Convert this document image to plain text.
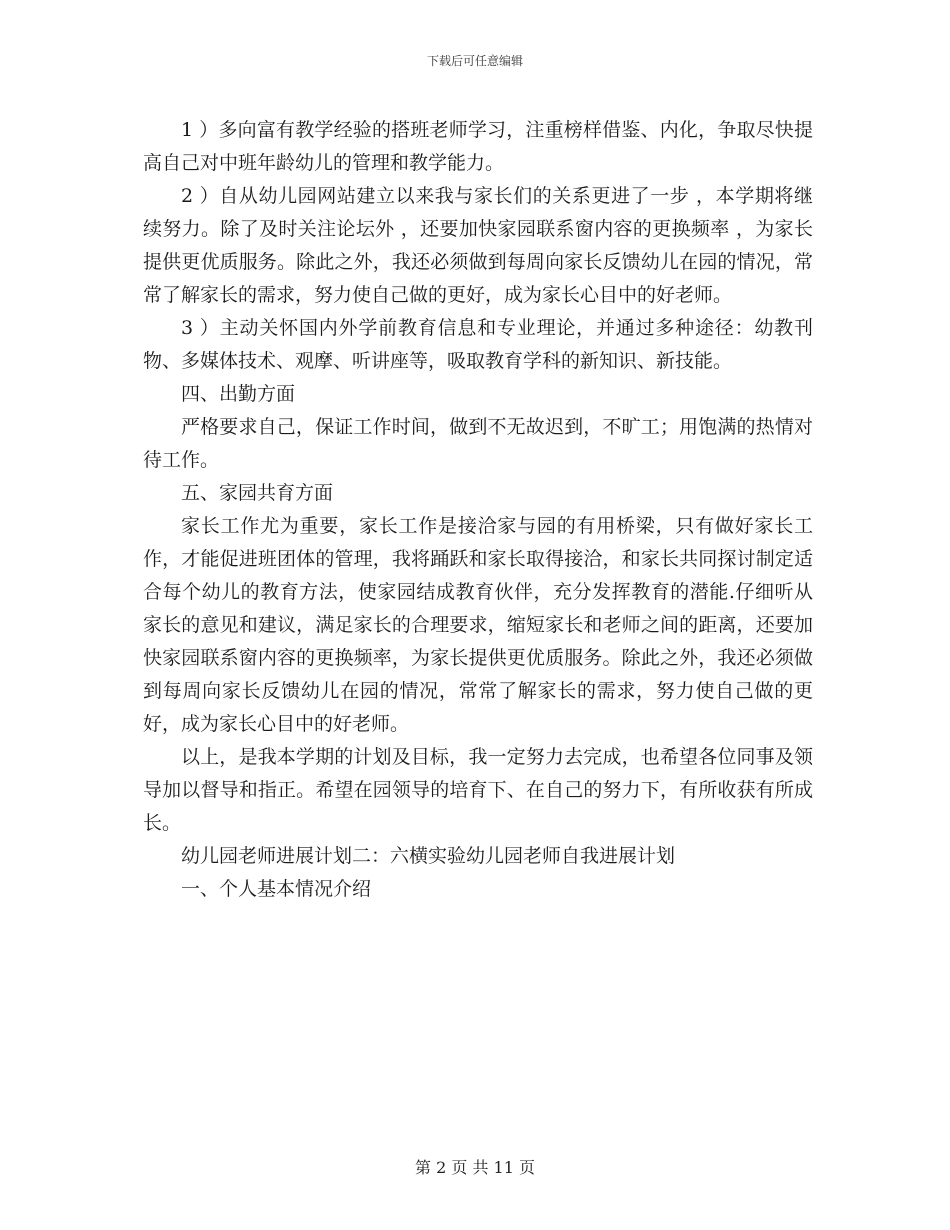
下载后可任意编辑

1 ）多向富有教学经验的搭班老师学习，注重榜样借鉴、内化，争取尽快提高自己对中班年龄幼儿的管理和教学能力。

2 ）自从幼儿园网站建立以来我与家长们的关系更进了一步 ，本学期将继续努力。除了及时关注论坛外 ，还要加快家园联系窗内容的更换频率 ，为家长提供更优质服务。除此之外，我还必须做到每周向家长反馈幼儿在园的情况，常常了解家长的需求，努力使自己做的更好，成为家长心目中的好老师。

3 ）主动关怀国内外学前教育信息和专业理论，并通过多种途径：幼教刊物、多媒体技术、观摩、听讲座等，吸取教育学科的新知识、新技能。

四、出勤方面

严格要求自己，保证工作时间，做到不无故迟到，不旷工；用饱满的热情对待工作。

五、家园共育方面

家长工作尤为重要，家长工作是接洽家与园的有用桥梁，只有做好家长工作，才能促进班团体的管理，我将踊跃和家长取得接洽，和家长共同探讨制定适合每个幼儿的教育方法，使家园结成教育伙伴，充分发挥教育的潜能.仔细听从家长的意见和建议，满足家长的合理要求，缩短家长和老师之间的距离，还要加快家园联系窗内容的更换频率，为家长提供更优质服务。除此之外，我还必须做到每周向家长反馈幼儿在园的情况，常常了解家长的需求，努力使自己做的更好，成为家长心目中的好老师。

以上，是我本学期的计划及目标，我一定努力去完成，也希望各位同事及领导加以督导和指正。希望在园领导的培育下、在自己的努力下，有所收获有所成长。

幼儿园老师进展计划二：六横实验幼儿园老师自我进展计划

一、个人基本情况介绍

第 2 页 共 11 页
